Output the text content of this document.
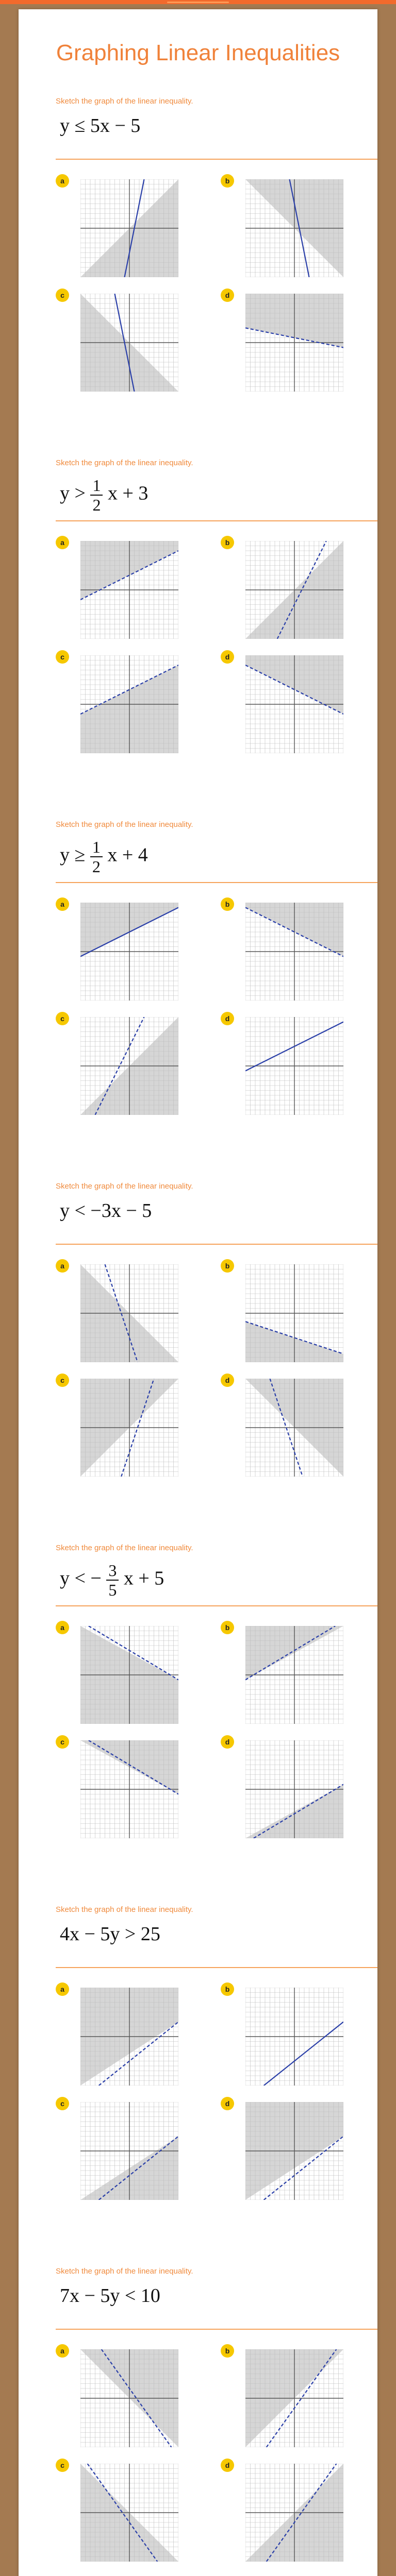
Graphing Linear Inequalities
Sketch the graph of the linear inequality.
y ≤ 5x − 5
a	b
c	d
Sketch the graph of the linear inequality.
$y > \frac{1}{2}$ x + 3
a	b
c	d
Sketch the graph of the linear inequality.
$y \ge \frac{1}{2}$ x + 4
a	b
c	d
Sketch the graph of the linear inequality.
y < −3x − 5
a	b
c	d
Sketch the graph of the linear inequality.
y < − $\frac{3}{5}$ x + 5
a	b
c	d
Sketch the graph of the linear inequality.
4x − 5y > 25
a	b
c	d
Sketch the graph of the linear inequality.
7x − 5y < 10
a	b
c	d
